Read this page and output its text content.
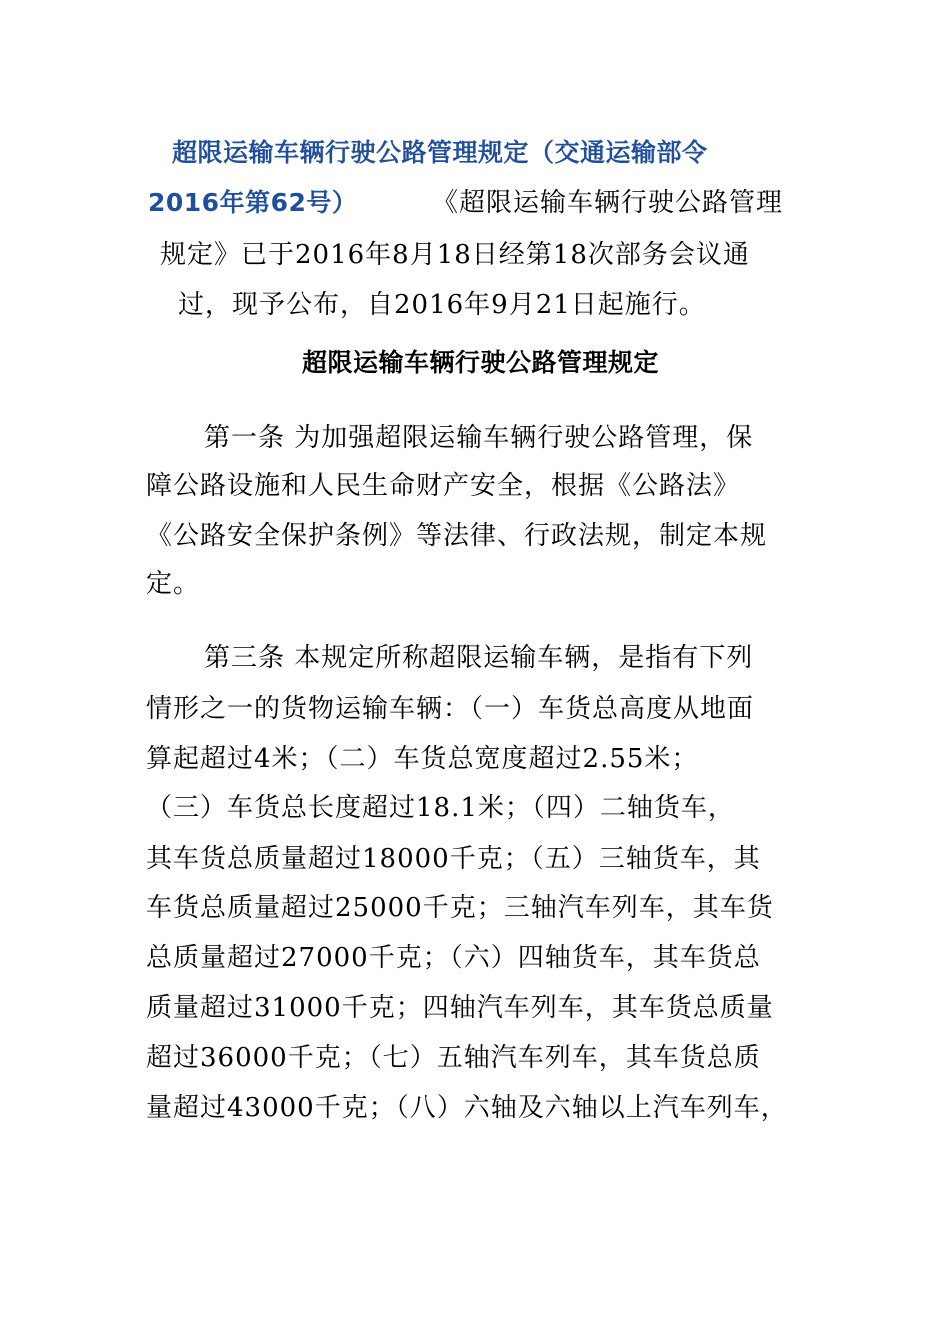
超限运输车辆行驶公路管理规定（交通运输部令
2016年第62号）	《超限运输车辆行驶公路管理
规定》已于2016年8月18日经第18次部务会议通
过，现予公布，自2016年9月21日起施行。
超限运输车辆行驶公路管理规定
第一条 为加强超限运输车辆行驶公路管理，保
障公路设施和人民生命财产安全，根据《公路法》
《公路安全保护条例》等法律、行政法规，制定本规
定。
第三条 本规定所称超限运输车辆，是指有下列
情形之一的货物运输车辆：（一）车货总高度从地面
算起超过4米；（二）车货总宽度超过2.55米；
（三）车货总长度超过18.1米；（四）二轴货车，
其车货总质量超过18000千克；（五）三轴货车，其
车货总质量超过25000千克；三轴汽车列车，其车货
总质量超过27000千克；（六）四轴货车，其车货总
质量超过31000千克；四轴汽车列车，其车货总质量
超过36000千克；（七）五轴汽车列车，其车货总质
量超过43000千克；（八）六轴及六轴以上汽车列车，
